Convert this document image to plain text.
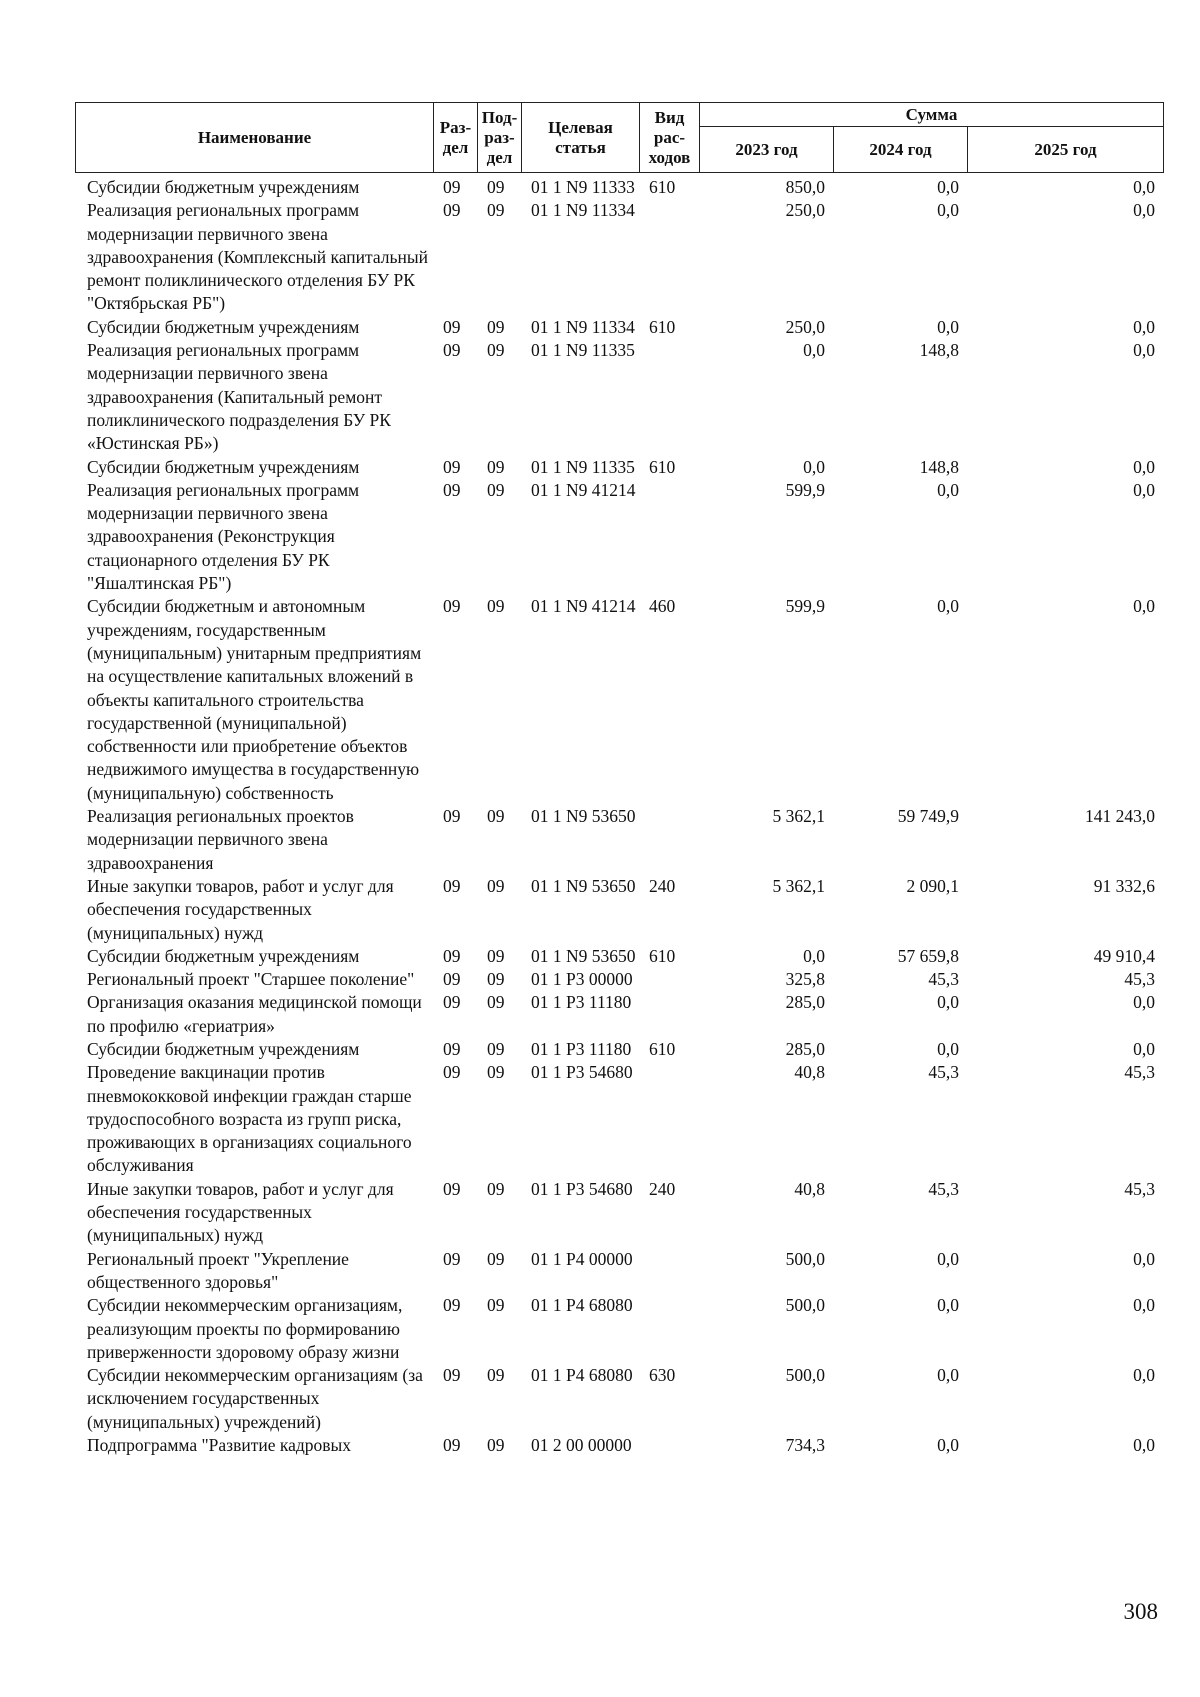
Наименование	Раз-дел	Под-раз-дел	Целевая статья	Вид рас-ходов	Сумма		
					2023 год	2024 год	2025 год
Субсидии бюджетным учреждениям	09	09	01 1 N9 11333	610	850,0	0,0	0,0
Реализация региональных программ модернизации первичного звена здравоохранения (Комплексный капитальный ремонт поликлинического отделения БУ РК "Октябрьская РБ")	09	09	01 1 N9 11334		250,0	0,0	0,0
Субсидии бюджетным учреждениям	09	09	01 1 N9 11334	610	250,0	0,0	0,0
Реализация региональных программ модернизации первичного звена здравоохранения (Капитальный ремонт поликлинического подразделения БУ РК «Юстинская РБ»)	09	09	01 1 N9 11335		0,0	148,8	0,0
Субсидии бюджетным учреждениям	09	09	01 1 N9 11335	610	0,0	148,8	0,0
Реализация региональных программ модернизации первичного звена здравоохранения (Реконструкция стационарного отделения БУ РК "Яшалтинская РБ")	09	09	01 1 N9 41214		599,9	0,0	0,0
Субсидии бюджетным и автономным учреждениям, государственным (муниципальным) унитарным предприятиям на осуществление капитальных вложений в объекты капитального строительства государственной (муниципальной) собственности или приобретение объектов недвижимого имущества в государственную (муниципальную) собственность	09	09	01 1 N9 41214	460	599,9	0,0	0,0
Реализация региональных проектов модернизации первичного звена здравоохранения	09	09	01 1 N9 53650		5 362,1	59 749,9	141 243,0
Иные закупки товаров, работ и услуг для обеспечения государственных (муниципальных) нужд	09	09	01 1 N9 53650	240	5 362,1	2 090,1	91 332,6
Субсидии бюджетным учреждениям	09	09	01 1 N9 53650	610	0,0	57 659,8	49 910,4
Региональный проект "Старшее поколение"	09	09	01 1 P3 00000		325,8	45,3	45,3
Организация оказания медицинской помощи по профилю «гериатрия»	09	09	01 1 P3 11180		285,0	0,0	0,0
Субсидии бюджетным учреждениям	09	09	01 1 P3 11180	610	285,0	0,0	0,0
Проведение вакцинации против пневмококковой инфекции граждан старше трудоспособного возраста из групп риска, проживающих в организациях социального обслуживания	09	09	01 1 P3 54680		40,8	45,3	45,3
Иные закупки товаров, работ и услуг для обеспечения государственных (муниципальных) нужд	09	09	01 1 P3 54680	240	40,8	45,3	45,3
Региональный проект "Укрепление общественного здоровья"	09	09	01 1 P4 00000		500,0	0,0	0,0
Субсидии некоммерческим организациям, реализующим проекты по формированию приверженности здоровому образу жизни	09	09	01 1 P4 68080		500,0	0,0	0,0
Субсидии некоммерческим организациям (за исключением государственных (муниципальных) учреждений)	09	09	01 1 P4 68080	630	500,0	0,0	0,0
Подпрограмма "Развитие кадровых	09	09	01 2 00 00000		734,3	0,0	0,0
308
